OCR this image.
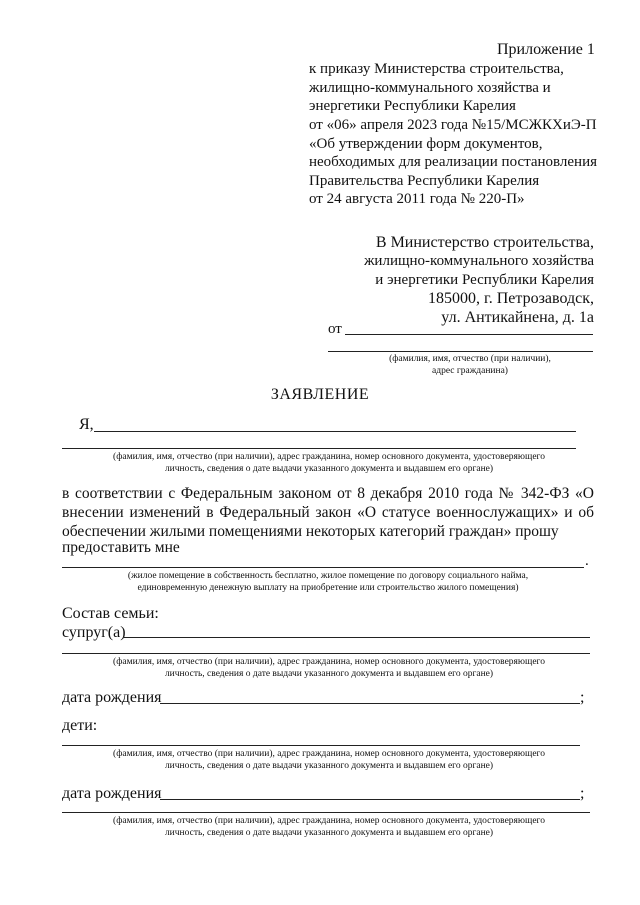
Приложение 1
к приказу Министерства строительства,
жилищно-коммунального хозяйства и
энергетики Республики Карелия
от «06» апреля 2023 года №15/МСЖКХиЭ-П
«Об утверждении форм документов,
необходимых для реализации постановления
Правительства Республики Карелия
от 24 августа 2011 года № 220-П»
В Министерство строительства,
жилищно-коммунального хозяйства
и энергетики Республики Карелия
185000, г. Петрозаводск,
ул. Антикайнена, д. 1а
от
(фамилия, имя, отчество (при наличии),
адрес гражданина)
ЗАЯВЛЕНИЕ
Я,
(фамилия, имя, отчество (при наличии), адрес гражданина, номер основного документа, удостоверяющего
личность, сведения о дате выдачи указанного документа и выдавшем его органе)
в соответствии с Федеральным законом от 8 декабря 2010 года № 342-ФЗ «О внесении изменений в Федеральный закон «О статусе военнослужащих» и об обеспечении жилыми помещениями некоторых категорий граждан» прошу
предоставить мне
.
(жилое помещение в собственность бесплатно, жилое помещение по договору социального найма,
единовременную денежную выплату на приобретение или строительство жилого помещения)
Состав семьи:
супруг(а)
(фамилия, имя, отчество (при наличии), адрес гражданина, номер основного документа, удостоверяющего
личность, сведения о дате выдачи указанного документа и выдавшем его органе)
дата рождения	;
дети:
(фамилия, имя, отчество (при наличии), адрес гражданина, номер основного документа, удостоверяющего
личность, сведения о дате выдачи указанного документа и выдавшем его органе)
дата рождения	;
(фамилия, имя, отчество (при наличии), адрес гражданина, номер основного документа, удостоверяющего
личность, сведения о дате выдачи указанного документа и выдавшем его органе)
